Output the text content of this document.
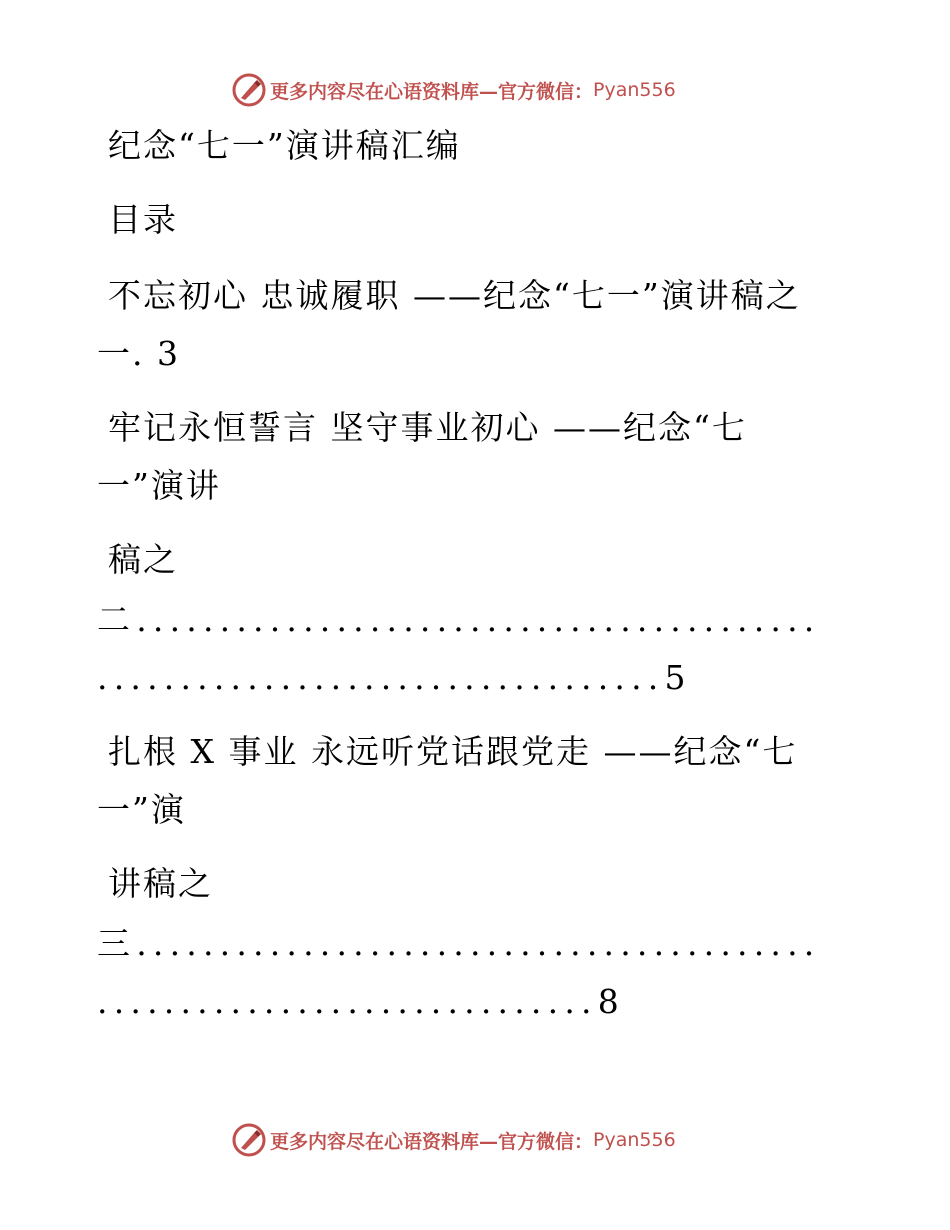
更多内容尽在心语资料库—官方微信： Pyan556
纪念“七一”演讲稿汇编
目录
不忘初心 忠诚履职 ——纪念“七一”演讲稿之
一. 3
牢记永恒誓言 坚守事业初心 ——纪念“七
一”演讲
稿之
二.........................................
..................................5
扎根 X 事业 永远听党话跟党走 ——纪念“七
一”演
讲稿之
三.........................................
..............................8
更多内容尽在心语资料库—官方微信： Pyan556
